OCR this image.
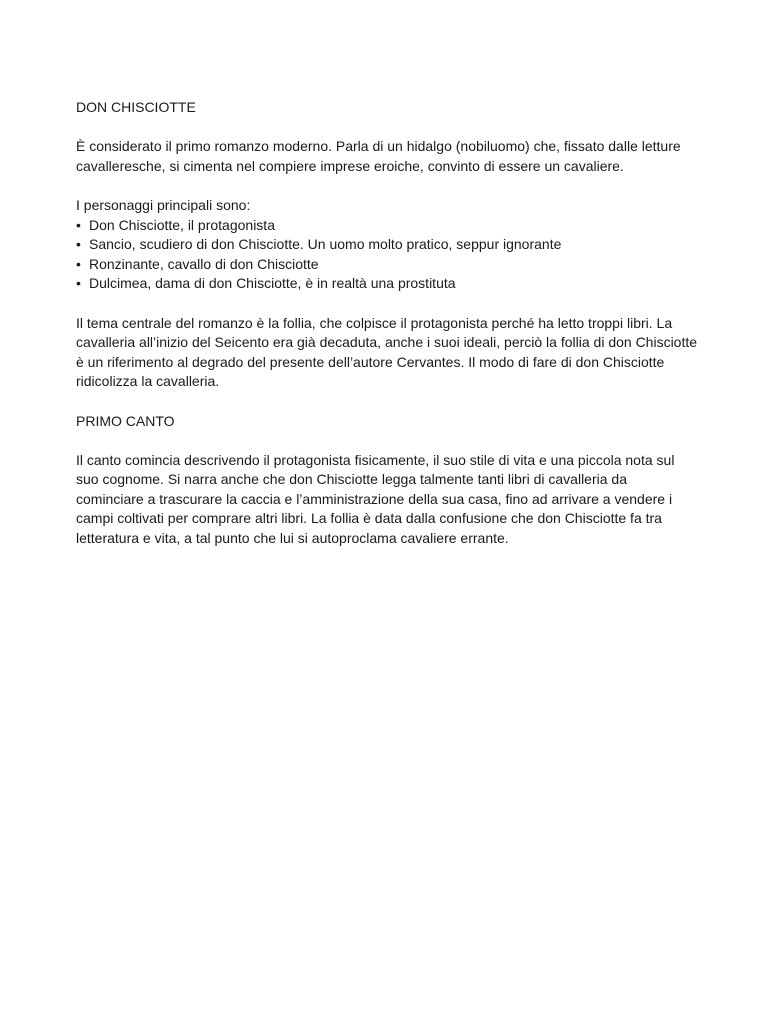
DON CHISCIOTTE
È considerato il primo romanzo moderno. Parla di un hidalgo (nobiluomo) che, fissato dalle letture
cavalleresche, si cimenta nel compiere imprese eroiche, convinto di essere un cavaliere.
I personaggi principali sono:
• Don Chisciotte, il protagonista
• Sancio, scudiero di don Chisciotte. Un uomo molto pratico, seppur ignorante
• Ronzinante, cavallo di don Chisciotte
• Dulcimea, dama di don Chisciotte, è in realtà una prostituta
Il tema centrale del romanzo è la follia, che colpisce il protagonista perché ha letto troppi libri. La
cavalleria all’inizio del Seicento era già decaduta, anche i suoi ideali, perciò la follia di don Chisciotte
è un riferimento al degrado del presente dell’autore Cervantes. Il modo di fare di don Chisciotte
ridicolizza la cavalleria.
PRIMO CANTO
Il canto comincia descrivendo il protagonista fisicamente, il suo stile di vita e una piccola nota sul
suo cognome. Si narra anche che don Chisciotte legga talmente tanti libri di cavalleria da
cominciare a trascurare la caccia e l’amministrazione della sua casa, fino ad arrivare a vendere i
campi coltivati per comprare altri libri. La follia è data dalla confusione che don Chisciotte fa tra
letteratura e vita, a tal punto che lui si autoproclama cavaliere errante.
